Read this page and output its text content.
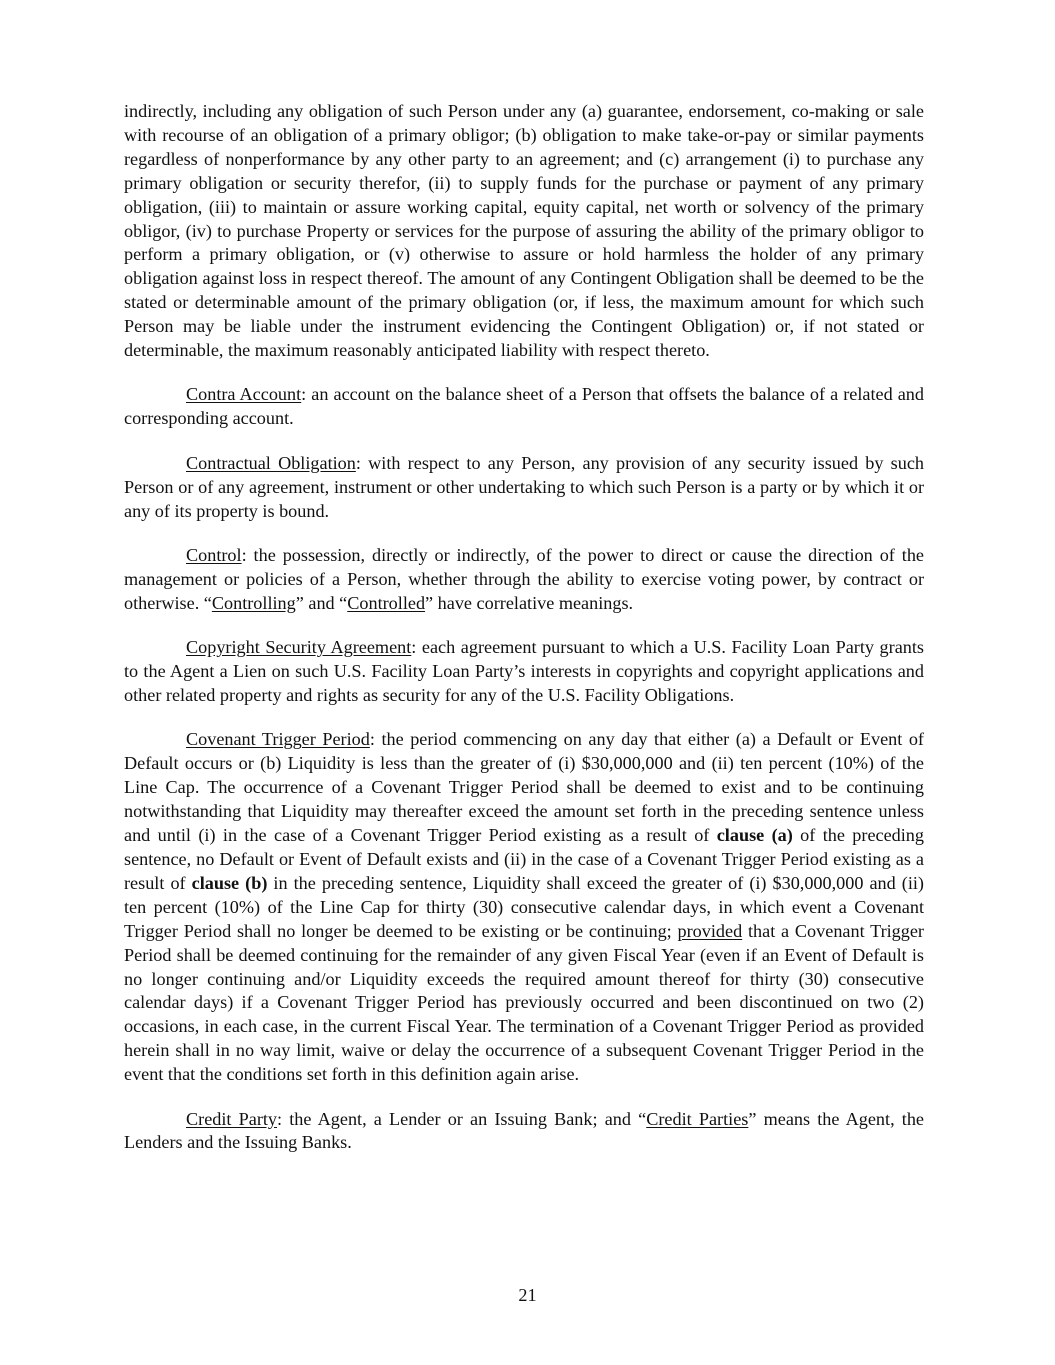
indirectly, including any obligation of such Person under any (a) guarantee, endorsement, co-making or sale with recourse of an obligation of a primary obligor; (b) obligation to make take-or-pay or similar payments regardless of nonperformance by any other party to an agreement; and (c) arrangement (i) to purchase any primary obligation or security therefor, (ii) to supply funds for the purchase or payment of any primary obligation, (iii) to maintain or assure working capital, equity capital, net worth or solvency of the primary obligor, (iv) to purchase Property or services for the purpose of assuring the ability of the primary obligor to perform a primary obligation, or (v) otherwise to assure or hold harmless the holder of any primary obligation against loss in respect thereof. The amount of any Contingent Obligation shall be deemed to be the stated or determinable amount of the primary obligation (or, if less, the maximum amount for which such Person may be liable under the instrument evidencing the Contingent Obligation) or, if not stated or determinable, the maximum reasonably anticipated liability with respect thereto.

Contra Account: an account on the balance sheet of a Person that offsets the balance of a related and corresponding account.

Contractual Obligation: with respect to any Person, any provision of any security issued by such Person or of any agreement, instrument or other undertaking to which such Person is a party or by which it or any of its property is bound.

Control: the possession, directly or indirectly, of the power to direct or cause the direction of the management or policies of a Person, whether through the ability to exercise voting power, by contract or otherwise. “Controlling” and “Controlled” have correlative meanings.

Copyright Security Agreement: each agreement pursuant to which a U.S. Facility Loan Party grants to the Agent a Lien on such U.S. Facility Loan Party’s interests in copyrights and copyright applications and other related property and rights as security for any of the U.S. Facility Obligations.

Covenant Trigger Period: the period commencing on any day that either (a) a Default or Event of Default occurs or (b) Liquidity is less than the greater of (i) $30,000,000 and (ii) ten percent (10%) of the Line Cap. The occurrence of a Covenant Trigger Period shall be deemed to exist and to be continuing notwithstanding that Liquidity may thereafter exceed the amount set forth in the preceding sentence unless and until (i) in the case of a Covenant Trigger Period existing as a result of clause (a) of the preceding sentence, no Default or Event of Default exists and (ii) in the case of a Covenant Trigger Period existing as a result of clause (b) in the preceding sentence, Liquidity shall exceed the greater of (i) $30,000,000 and (ii) ten percent (10%) of the Line Cap for thirty (30) consecutive calendar days, in which event a Covenant Trigger Period shall no longer be deemed to be existing or be continuing; provided that a Covenant Trigger Period shall be deemed continuing for the remainder of any given Fiscal Year (even if an Event of Default is no longer continuing and/or Liquidity exceeds the required amount thereof for thirty (30) consecutive calendar days) if a Covenant Trigger Period has previously occurred and been discontinued on two (2) occasions, in each case, in the current Fiscal Year. The termination of a Covenant Trigger Period as provided herein shall in no way limit, waive or delay the occurrence of a subsequent Covenant Trigger Period in the event that the conditions set forth in this definition again arise.

Credit Party: the Agent, a Lender or an Issuing Bank; and “Credit Parties” means the Agent, the Lenders and the Issuing Banks.

21
